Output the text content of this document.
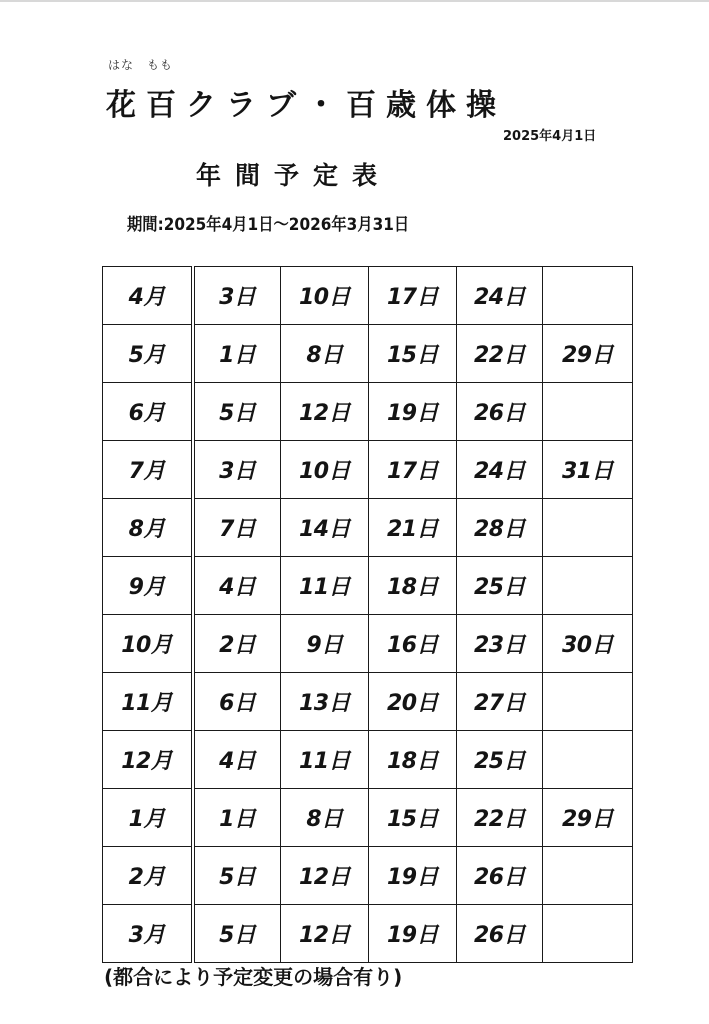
はな　もも
花百クラブ・百歳体操
2025年4月1日
年間予定表
期間:2025年4月1日～2026年3月31日
4月	3日	10日	17日	24日	
5月	1日	8日	15日	22日	29日
6月	5日	12日	19日	26日	
7月	3日	10日	17日	24日	31日
8月	7日	14日	21日	28日	
9月	4日	11日	18日	25日	
10月	2日	9日	16日	23日	30日
11月	6日	13日	20日	27日	
12月	4日	11日	18日	25日	
1月	1日	8日	15日	22日	29日
2月	5日	12日	19日	26日	
3月	5日	12日	19日	26日	
(都合により予定変更の場合有り)
